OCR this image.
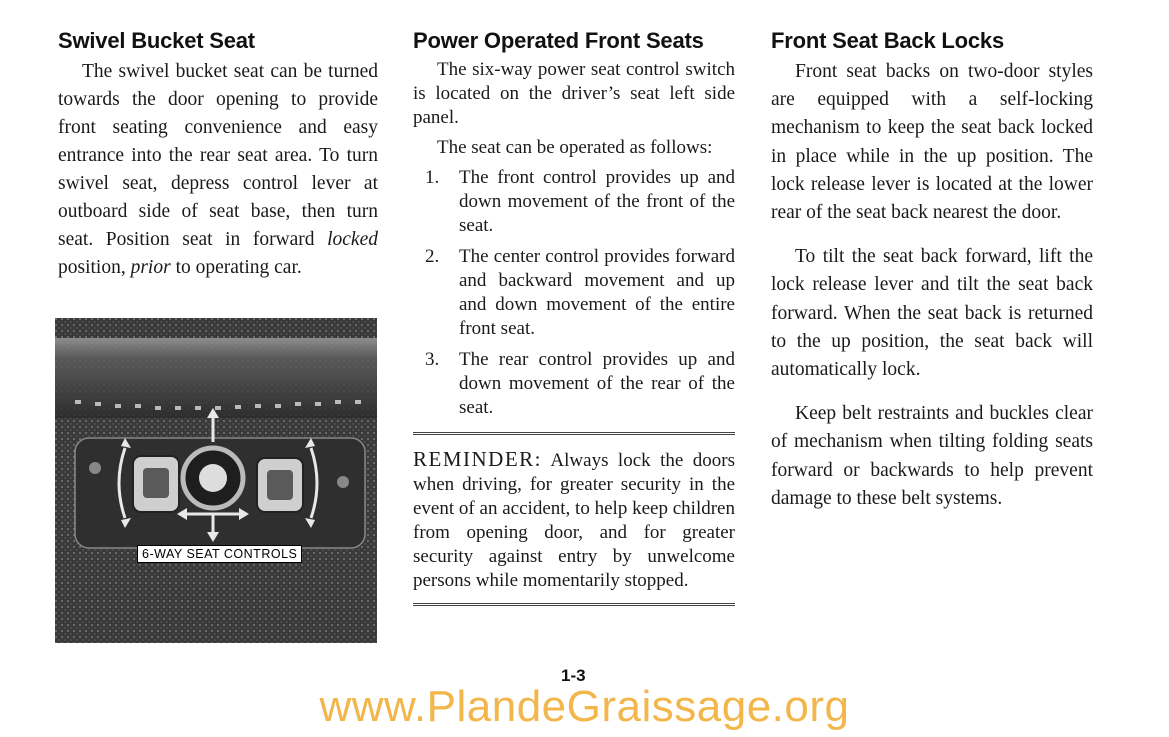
Swivel Bucket Seat

The swivel bucket seat can be turned towards the door opening to provide front seating convenience and easy entrance into the rear seat area. To turn swivel seat, depress control lever at outboard side of seat base, then turn seat. Position seat in forward locked position, prior to operating car.

6-WAY SEAT CONTROLS
Power Operated Front Seats

The six-way power seat control switch is located on the driver’s seat left side panel.

The seat can be operated as follows:

1. The front control provides up and down movement of the front of the seat.
2. The center control provides forward and backward movement and up and down movement of the entire front seat.
3. The rear control provides up and down movement of the rear of the seat.

REMINDER: Always lock the doors when driving, for greater security in the event of an accident, to help keep children from opening door, and for greater security against entry by unwelcome persons while momentarily stopped.

Front Seat Back Locks

Front seat backs on two-door styles are equipped with a self-locking mechanism to keep the seat back locked in place while in the up position. The lock release lever is located at the lower rear of the seat back nearest the door.

To tilt the seat back forward, lift the lock release lever and tilt the seat back forward. When the seat back is returned to the up position, the seat back will automatically lock.

Keep belt restraints and buckles clear of mechanism when tilting folding seats forward or backwards to help prevent damage to these belt systems.

1-3
www.PlandeGraissage.org
